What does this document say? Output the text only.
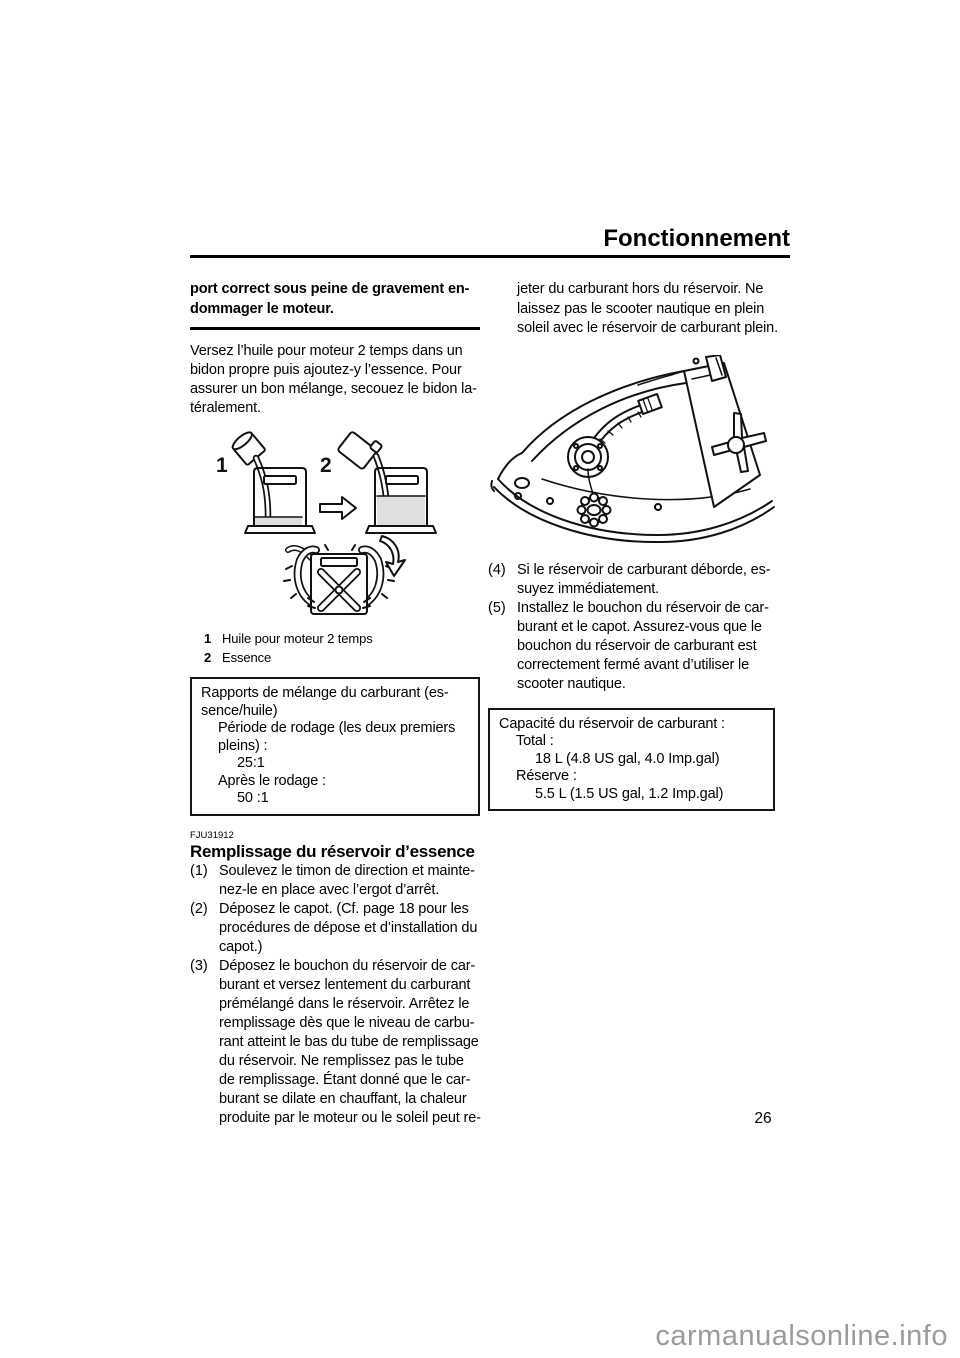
Fonctionnement
port correct sous peine de gravement en-
dommager le moteur.
Versez l’huile pour moteur 2 temps dans un
bidon propre puis ajoutez-y l’essence. Pour
assurer un bon mélange, secouez le bidon la-
téralement.
1	2
1 Huile pour moteur 2 temps
2 Essence
Rapports de mélange du carburant (es-
sence/huile)
Période de rodage (les deux premiers
pleins) :
25:1
Après le rodage :
50 :1
FJU31912
Remplissage du réservoir d’essence
(1) Soulevez le timon de direction et mainte-
nez-le en place avec l’ergot d’arrêt.
(2) Déposez le capot. (Cf. page 18 pour les
procédures de dépose et d’installation du
capot.)
(3) Déposez le bouchon du réservoir de car-
burant et versez lentement du carburant
prémélangé dans le réservoir. Arrêtez le
remplissage dès que le niveau de carbu-
rant atteint le bas du tube de remplissage
du réservoir. Ne remplissez pas le tube
de remplissage. Étant donné que le car-
burant se dilate en chauffant, la chaleur
produite par le moteur ou le soleil peut re-
jeter du carburant hors du réservoir. Ne
laissez pas le scooter nautique en plein
soleil avec le réservoir de carburant plein.
(4) Si le réservoir de carburant déborde, es-
suyez immédiatement.
(5) Installez le bouchon du réservoir de car-
burant et le capot. Assurez-vous que le
bouchon du réservoir de carburant est
correctement fermé avant d’utiliser le
scooter nautique.
Capacité du réservoir de carburant :
Total :
18 L (4.8 US gal, 4.0 Imp.gal)
Réserve :
5.5 L (1.5 US gal, 1.2 Imp.gal)
26
carmanualsonline.info
